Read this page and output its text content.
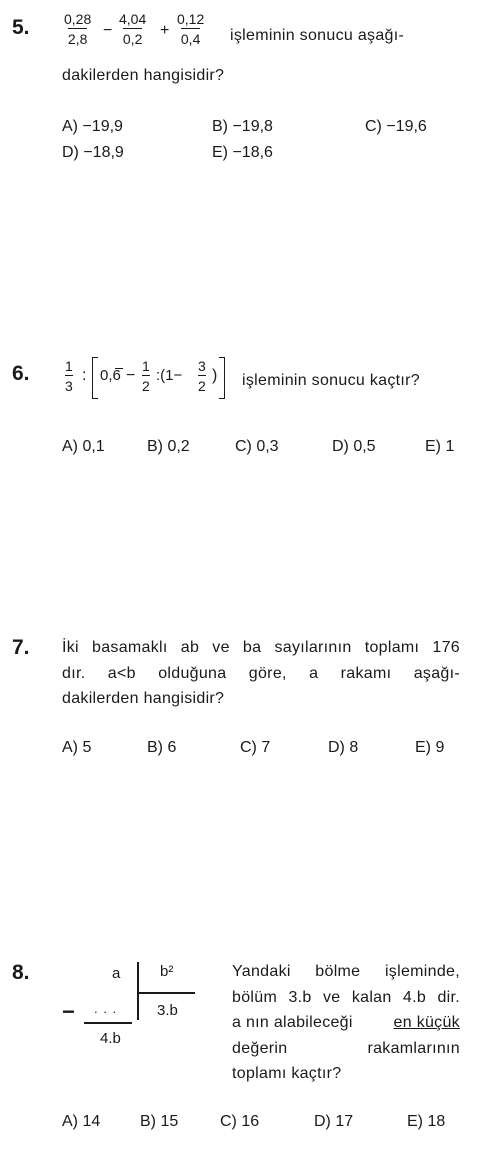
5. $\frac{0,28}{2,8} - \frac{4,04}{0,2} + \frac{0,12}{0,4}$ işleminin sonucu aşağı-
dakilerden hangisidir?
A) −19,9	B) −19,8	C) −19,6
D) −18,9	E) −18,6
6. $\frac{1}{3}$ : $0,6 - \frac{1}{2}$ :(1− $\frac{3}{2}$ ) işleminin sonucu kaçtır?
A) 0,1	B) 0,2	C) 0,3	D) 0,5	E) 1
7. İki basamaklı ab ve ba sayılarının toplamı 176
dır. a<b olduğuna göre, a rakamı aşağı-
dakilerden hangisidir?
A) 5	B) 6	C) 7	D) 8	E) 9
8.	a	b²
3.b
− . . .
4.b
Yandaki bölme işleminde,
bölüm 3.b ve kalan 4.b dir.
a nın alabileceği	en küçük
değerin rakamlarının
toplamı kaçtır?
A) 14 B) 15	C) 16	D) 17	E) 18
